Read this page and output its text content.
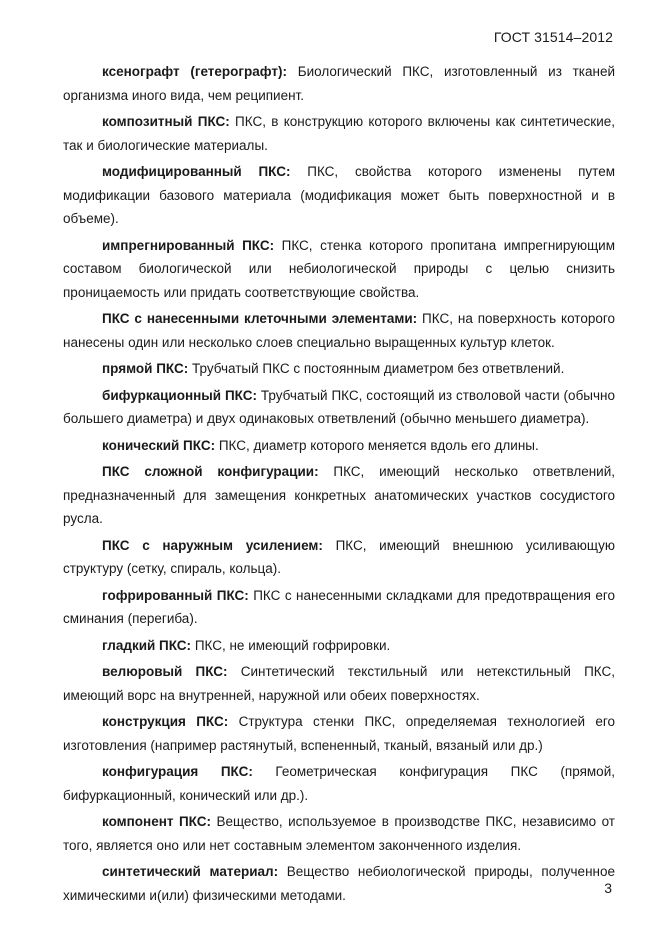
ГОСТ 31514–2012

ксенографт (гетерографт): Биологический ПКС, изготовленный из тканей организма иного вида, чем реципиент.

композитный ПКС: ПКС, в конструкцию которого включены как синтетические, так и биологические материалы.

модифицированный ПКС: ПКС, свойства которого изменены путем модификации базового материала (модификация может быть поверхностной и в объеме).

импрегнированный ПКС: ПКС, стенка которого пропитана импрегнирующим составом биологической или небиологической природы с целью снизить проницаемость или придать соответствующие свойства.

ПКС с нанесенными клеточными элементами: ПКС, на поверхность которого нанесены один или несколько слоев специально выращенных культур клеток.

прямой ПКС: Трубчатый ПКС с постоянным диаметром без ответвлений.

бифуркационный ПКС: Трубчатый ПКС, состоящий из стволовой части (обычно большего диаметра) и двух одинаковых ответвлений (обычно меньшего диаметра).

конический ПКС: ПКС, диаметр которого меняется вдоль его длины.

ПКС сложной конфигурации: ПКС, имеющий несколько ответвлений, предназначенный для замещения конкретных анатомических участков сосудистого русла.

ПКС с наружным усилением: ПКС, имеющий внешнюю усиливающую структуру (сетку, спираль, кольца).

гофрированный ПКС: ПКС с нанесенными складками для предотвращения его сминания (перегиба).

гладкий ПКС: ПКС, не имеющий гофрировки.

велюровый ПКС: Синтетический текстильный или нетекстильный ПКС, имеющий ворс на внутренней, наружной или обеих поверхностях.

конструкция ПКС: Структура стенки ПКС, определяемая технологией его изготовления (например растянутый, вспененный, тканый, вязаный или др.)

конфигурация ПКС: Геометрическая конфигурация ПКС (прямой, бифуркационный, конический или др.).

компонент ПКС: Вещество, используемое в производстве ПКС, независимо от того, является оно или нет составным элементом законченного изделия.

синтетический материал: Вещество небиологической природы, полученное химическими и(или) физическими методами.	3
